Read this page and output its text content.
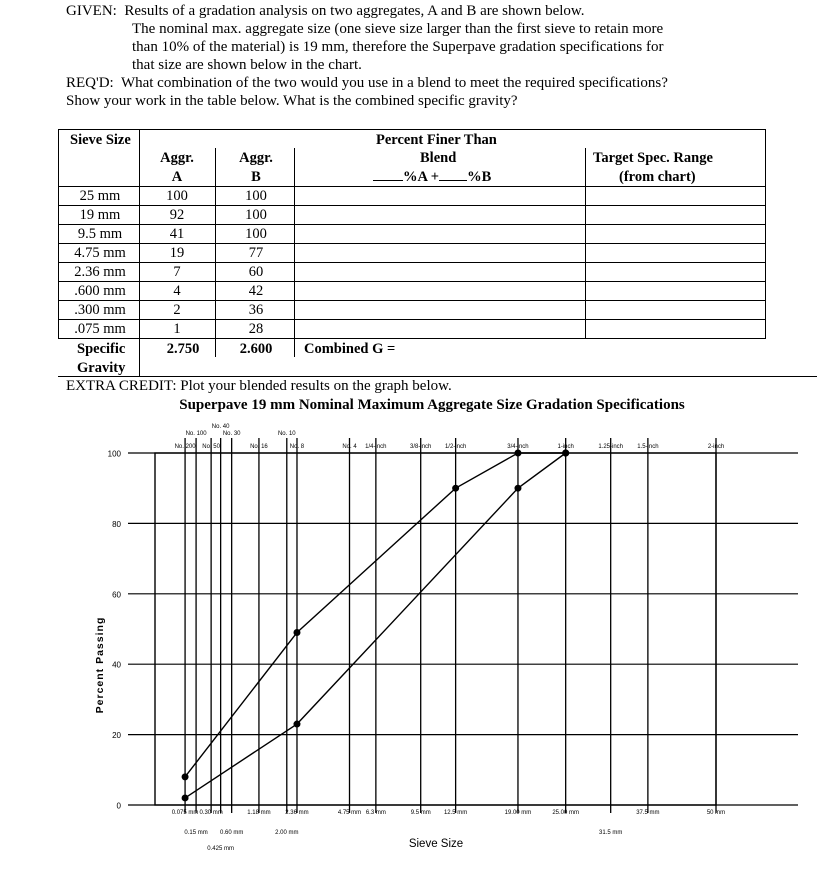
GIVEN: Results of a gradation analysis on two aggregates, A and B are shown below.
The nominal max. aggregate size (one sieve size larger than the first sieve to retain more
than 10% of the material) is 19 mm, therefore the Superpave gradation specifications for
that size are shown below in the chart.
REQ'D: What combination of the two would you use in a blend to meet the required specifications?
Show your work in the table below. What is the combined specific gravity?
Sieve Size	Percent Finer Than
Aggr.
A
Aggr.
B
Blend
%A + %B
Target Spec. Range
(from chart)
25 mm	100	100
19 mm	92	100
9.5 mm	41	100
4.75 mm	19	77
2.36 mm	7	60
.600 mm	4	42
.300 mm	2	36
.075 mm	1	28
Specific
Gravity
2.750	2.600	Combined G =
EXTRA CREDIT: Plot your blended results on the graph below.
Superpave 19 mm Nominal Maximum Aggregate Size Gradation Specifications
0
20
40
60
80
100
0.075 mm 0.30 mm	1.18 mm 2.36 mm	4.75 mm 6.3 mm	9.5 mm 12.5 mm	19.00 mm	25.00 mm	37.5 mm	50 mm
0.15 mm 0.60 mm	2.00 mm	31.5 mm
0.425 mm
No. 40
No. 100	No. 30	No. 10
No. 200 No. 50	No. 16	No. 8	No. 4 1/4-inch	3/8-inch 1/2-inch	3/4-inch	1-inch	1.25-inch 1.5-inch	2-inch
Percent Passing
Sieve Size
